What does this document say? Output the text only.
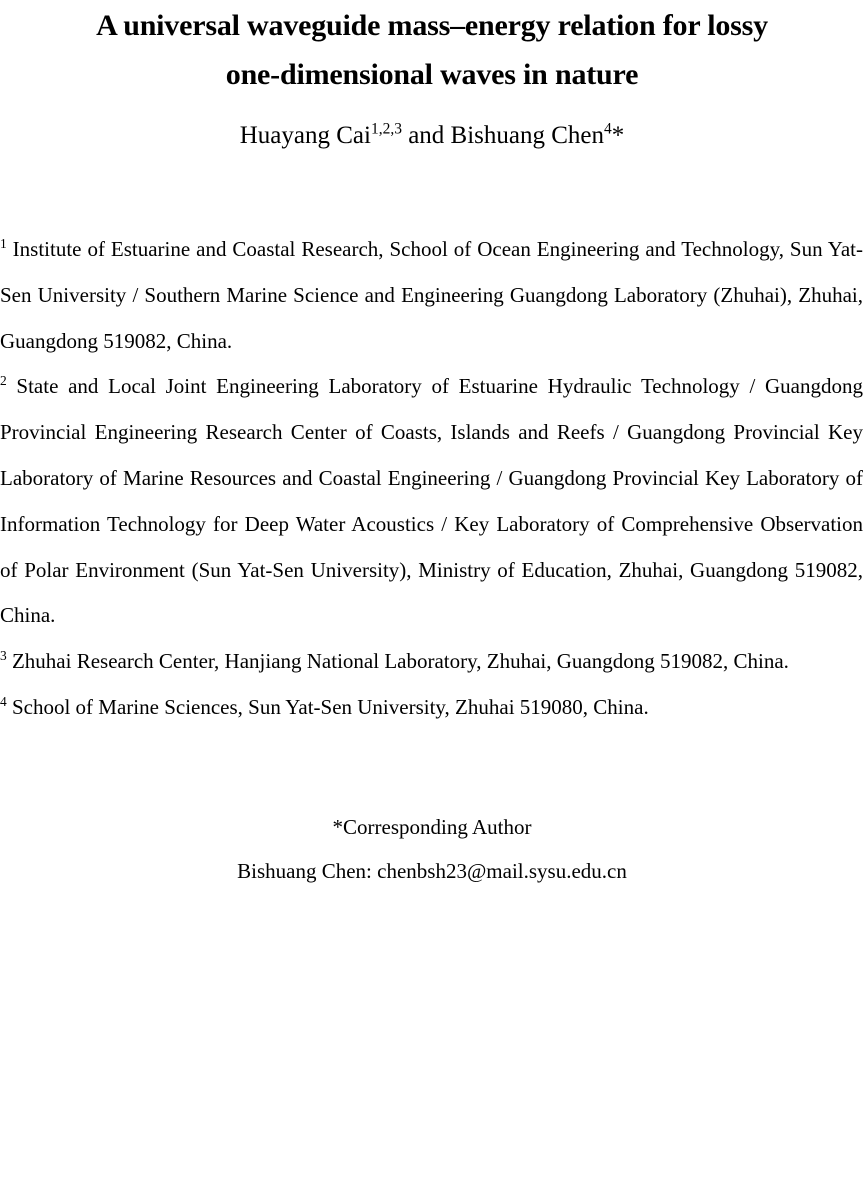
A universal waveguide mass–energy relation for lossy
one-dimensional waves in nature

Huayang Cai$^{1,2,3}$ and Bishuang Chen$^4$*

$^1$ Institute of Estuarine and Coastal Research, School of Ocean Engineering and Technology, Sun Yat-Sen University / Southern Marine Science and Engineering Guangdong Laboratory (Zhuhai), Zhuhai, Guangdong 519082, China.

$^2$ State and Local Joint Engineering Laboratory of Estuarine Hydraulic Technology / Guangdong Provincial Engineering Research Center of Coasts, Islands and Reefs / Guangdong Provincial Key Laboratory of Marine Resources and Coastal Engineering / Guangdong Provincial Key Laboratory of Information Technology for Deep Water Acoustics / Key Laboratory of Comprehensive Observation of Polar Environment (Sun Yat-Sen University), Ministry of Education, Zhuhai, Guangdong 519082, China.

$^3$ Zhuhai Research Center, Hanjiang National Laboratory, Zhuhai, Guangdong 519082, China.

$^4$ School of Marine Sciences, Sun Yat-Sen University, Zhuhai 519080, China.

*Corresponding Author

Bishuang Chen: chenbsh23@mail.sysu.edu.cn
